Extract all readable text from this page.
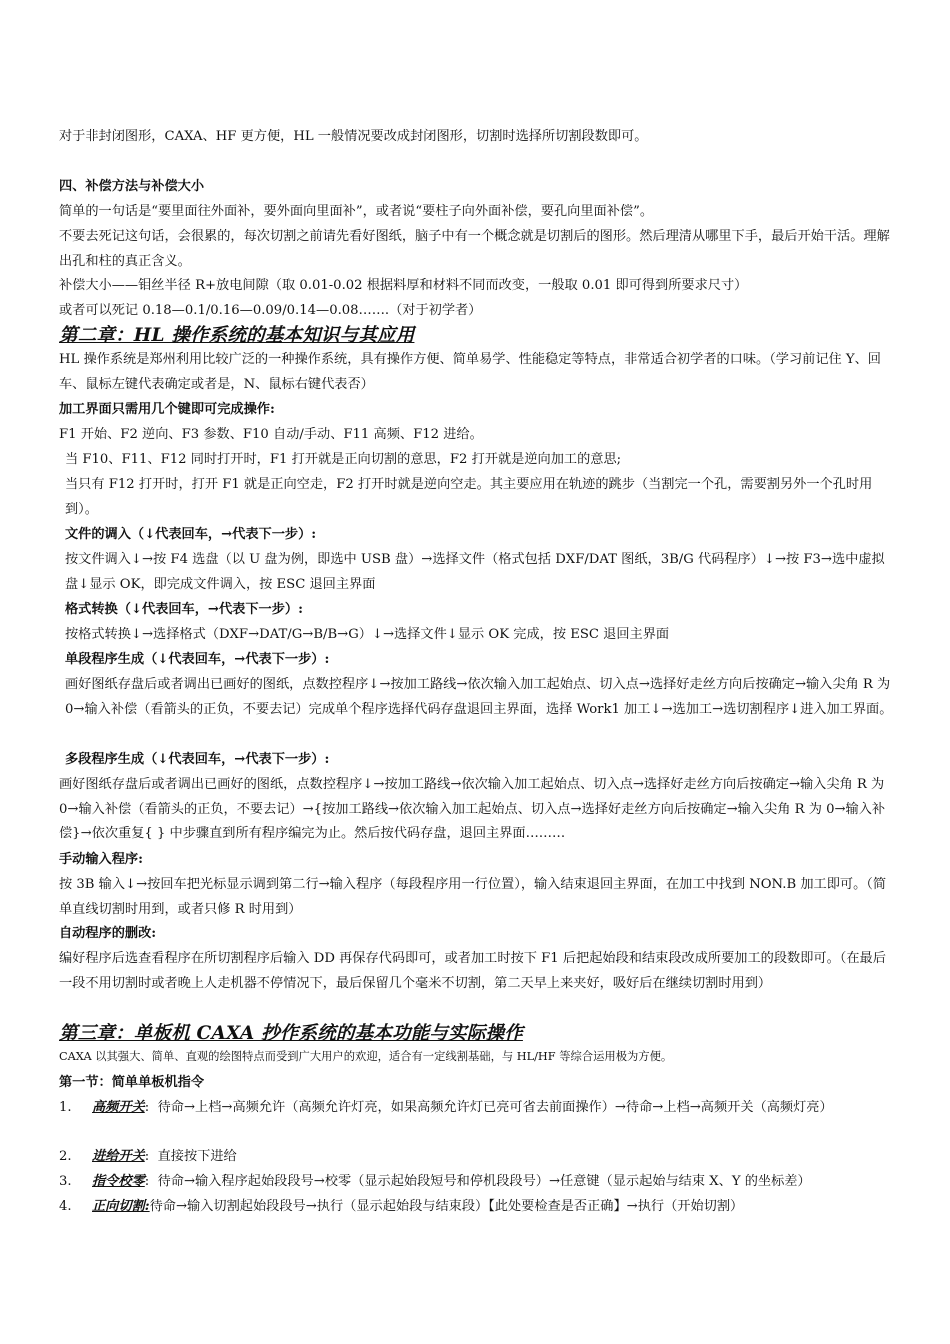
对于非封闭图形，CAXA、HF 更方便，HL 一般情况要改成封闭图形，切割时选择所切割段数即可。
四、补偿方法与补偿大小
简单的一句话是“要里面往外面补，要外面向里面补”，或者说“要柱子向外面补偿，要孔向里面补偿”。
不要去死记这句话，会很累的，每次切割之前请先看好图纸，脑子中有一个概念就是切割后的图形。然后理清从哪里下手，最后开始干活。理解出孔和柱的真正含义。
补偿大小——钼丝半径 R+放电间隙（取 0.01-0.02 根据料厚和材料不同而改变，一般取 0.01 即可得到所要求尺寸）
或者可以死记 0.18—0.1/0.16—0.09/0.14—0.08…….（对于初学者）
第二章：HL 操作系统的基本知识与其应用
HL 操作系统是郑州利用比较广泛的一种操作系统，具有操作方便、简单易学、性能稳定等特点，非常适合初学者的口味。（学习前记住 Y、回车、鼠标左键代表确定或者是，N、鼠标右键代表否）
加工界面只需用几个键即可完成操作:
F1 开始、F2 逆向、F3 参数、F10 自动/手动、F11 高频、F12 进给。
当 F10、F11、F12 同时打开时，F1 打开就是正向切割的意思，F2 打开就是逆向加工的意思;
当只有 F12 打开时，打开 F1 就是正向空走，F2 打开时就是逆向空走。其主要应用在轨迹的跳步（当割完一个孔，需要割另外一个孔时用到）。
文件的调入（↓代表回车，→代表下一步）:
按文件调入↓→按 F4 选盘（以 U 盘为例，即选中 USB 盘）→选择文件（格式包括 DXF/DAT 图纸，3B/G 代码程序）↓→按 F3→选中虚拟盘↓显示 OK，即完成文件调入，按 ESC 退回主界面
格式转换（↓代表回车，→代表下一步）:
按格式转换↓→选择格式（DXF→DAT/G→B/B→G）↓→选择文件↓显示 OK 完成，按 ESC 退回主界面
单段程序生成（↓代表回车，→代表下一步）:
画好图纸存盘后或者调出已画好的图纸，点数控程序↓→按加工路线→依次输入加工起始点、切入点→选择好走丝方向后按确定→输入尖角 R 为 0→输入补偿（看箭头的正负，不要去记）完成单个程序选择代码存盘退回主界面，选择 Work1 加工↓→选加工→选切割程序↓进入加工界面。
多段程序生成（↓代表回车，→代表下一步）:
画好图纸存盘后或者调出已画好的图纸，点数控程序↓→按加工路线→依次输入加工起始点、切入点→选择好走丝方向后按确定→输入尖角 R 为 0→输入补偿（看箭头的正负，不要去记）→{按加工路线→依次输入加工起始点、切入点→选择好走丝方向后按确定→输入尖角 R 为 0→输入补偿}→依次重复{ } 中步骤直到所有程序编完为止。然后按代码存盘，退回主界面………
手动输入程序:
按 3B 输入↓→按回车把光标显示调到第二行→输入程序（每段程序用一行位置），输入结束退回主界面，在加工中找到 NON.B 加工即可。（简单直线切割时用到，或者只修 R 时用到）
自动程序的删改:
编好程序后选查看程序在所切割程序后输入 DD 再保存代码即可，或者加工时按下 F1 后把起始段和结束段改成所要加工的段数即可。（在最后一段不用切割时或者晚上人走机器不停情况下，最后保留几个毫米不切割，第二天早上来夹好，吸好后在继续切割时用到）
第三章：单板机 CAXA 抄作系统的基本功能与实际操作
CAXA 以其强大、简单、直观的绘图特点而受到广大用户的欢迎，适合有一定线割基础，与 HL/HF 等综合运用极为方便。
第一节：简单单板机指令
1.	高频开关: 待命→上档→高频允许（高频允许灯亮，如果高频允许灯已亮可省去前面操作）→待命→上档→高频开关（高频灯亮）
2.	进给开关: 直接按下进给
3.	指令校零: 待命→输入程序起始段段号→校零（显示起始段短号和停机段段号）→任意键（显示起始与结束 X、Y 的坐标差）
4.	正向切割:待命→输入切割起始段段号→执行（显示起始段与结束段）【此处要检查是否正确】→执行（开始切割）
